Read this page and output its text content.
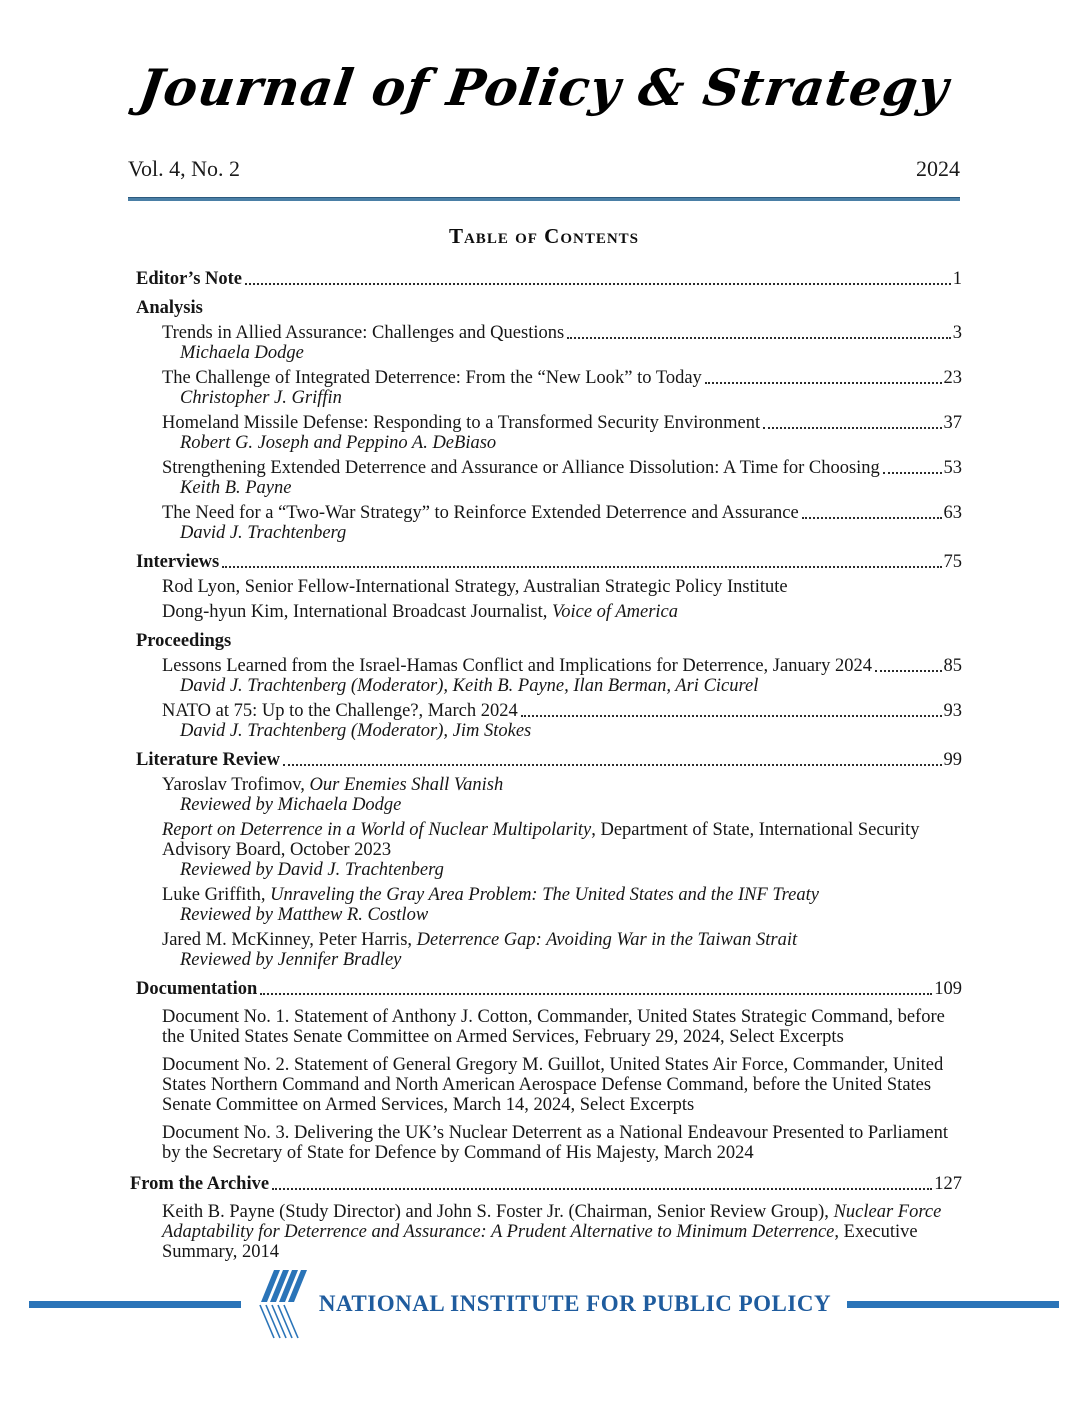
Journal of Policy & Strategy
Vol. 4, No. 2	2024
Table of Contents
Editor’s Note	1
Analysis
Trends in Allied Assurance: Challenges and Questions	3
Michaela Dodge
The Challenge of Integrated Deterrence: From the “New Look” to Today	23
Christopher J. Griffin
Homeland Missile Defense: Responding to a Transformed Security Environment	37
Robert G. Joseph and Peppino A. DeBiaso
Strengthening Extended Deterrence and Assurance or Alliance Dissolution: A Time for Choosing	53
Keith B. Payne
The Need for a “Two-War Strategy” to Reinforce Extended Deterrence and Assurance	63
David J. Trachtenberg
Interviews	75
Rod Lyon, Senior Fellow-International Strategy, Australian Strategic Policy Institute
Dong-hyun Kim, International Broadcast Journalist, Voice of America
Proceedings
Lessons Learned from the Israel-Hamas Conflict and Implications for Deterrence, January 2024	85
David J. Trachtenberg (Moderator), Keith B. Payne, Ilan Berman, Ari Cicurel
NATO at 75: Up to the Challenge?, March 2024	93
David J. Trachtenberg (Moderator), Jim Stokes
Literature Review	99
Yaroslav Trofimov, Our Enemies Shall Vanish
Reviewed by Michaela Dodge
Report on Deterrence in a World of Nuclear Multipolarity, Department of State, International Security Advisory Board, October 2023
Reviewed by David J. Trachtenberg
Luke Griffith, Unraveling the Gray Area Problem: The United States and the INF Treaty
Reviewed by Matthew R. Costlow
Jared M. McKinney, Peter Harris, Deterrence Gap: Avoiding War in the Taiwan Strait
Reviewed by Jennifer Bradley
Documentation	109
Document No. 1. Statement of Anthony J. Cotton, Commander, United States Strategic Command, before the United States Senate Committee on Armed Services, February 29, 2024, Select Excerpts
Document No. 2. Statement of General Gregory M. Guillot, United States Air Force, Commander, United States Northern Command and North American Aerospace Defense Command, before the United States Senate Committee on Armed Services, March 14, 2024, Select Excerpts
Document No. 3. Delivering the UK’s Nuclear Deterrent as a National Endeavour Presented to Parliament by the Secretary of State for Defence by Command of His Majesty, March 2024
From the Archive	127
Keith B. Payne (Study Director) and John S. Foster Jr. (Chairman, Senior Review Group), Nuclear Force Adaptability for Deterrence and Assurance: A Prudent Alternative to Minimum Deterrence, Executive Summary, 2014
NATIONAL INSTITUTE FOR PUBLIC POLICY
